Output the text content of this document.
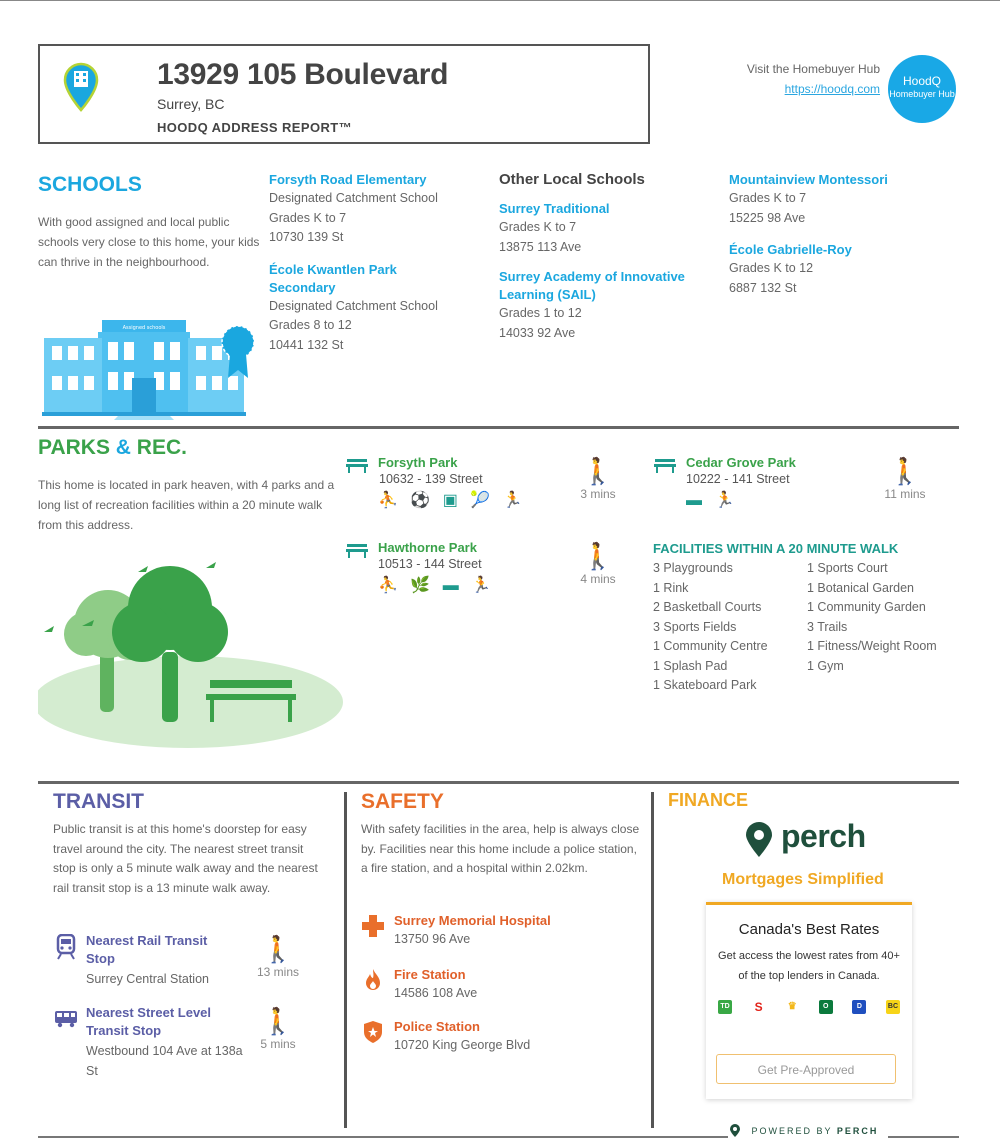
13929 105 Boulevard
Surrey, BC
HOODQ ADDRESS REPORT™
Visit the Homebuyer Hub
https://hoodq.com
HoodQ
Homebuyer Hub
SCHOOLS
With good assigned and local public schools very close to this home, your kids can thrive in the neighbourhood.
Assigned schools
Forsyth Road Elementary
Designated Catchment School
Grades K to 7
10730 139 St
École Kwantlen Park Secondary
Designated Catchment School
Grades 8 to 12
10441 132 St
Other Local Schools
Surrey Traditional
Grades K to 7
13875 113 Ave
Surrey Academy of Innovative Learning (SAIL)
Grades 1 to 12
14033 92 Ave
Mountainview Montessori
Grades K to 7
15225 98 Ave
École Gabrielle-Roy
Grades K to 12
6887 132 St
PARKS & REC.
This home is located in park heaven, with 4 parks and a long list of recreation facilities within a 20 minute walk from this address.
Forsyth Park
10632 - 139 Street
⛹ ⚽ ▣ 🎾 🏃
🚶
3 mins
Cedar Grove Park
10222 - 141 Street
▬ 🏃
🚶
11 mins
Hawthorne Park
10513 - 144 Street
⛹ 🌿 ▬ 🏃
🚶
4 mins
FACILITIES WITHIN A 20 MINUTE WALK
3 Playgrounds
1 Rink
2 Basketball Courts
3 Sports Fields
1 Community Centre
1 Splash Pad
1 Skateboard Park
1 Sports Court
1 Botanical Garden
1 Community Garden
3 Trails
1 Fitness/Weight Room
1 Gym
TRANSIT
Public transit is at this home's doorstep for easy travel around the city. The nearest street transit stop is only a 5 minute walk away and the nearest rail transit stop is a 13 minute walk away.
Nearest Rail Transit Stop
Surrey Central Station
🚶
13 mins
Nearest Street Level Transit Stop
Westbound 104 Ave at 138a St
🚶
5 mins
SAFETY
With safety facilities in the area, help is always close by. Facilities near this home include a police station, a fire station, and a hospital within 2.02km.
Surrey Memorial Hospital
13750 96 Ave
Fire Station
14586 108 Ave
Police Station
10720 King George Blvd
FINANCE
perch
Mortgages Simplified
Canada's Best Rates
Get access the lowest rates from 40+ of the top lenders in Canada.
TD S	♛	O	D	BC
Get Pre-Approved
POWERED BY PERCH
